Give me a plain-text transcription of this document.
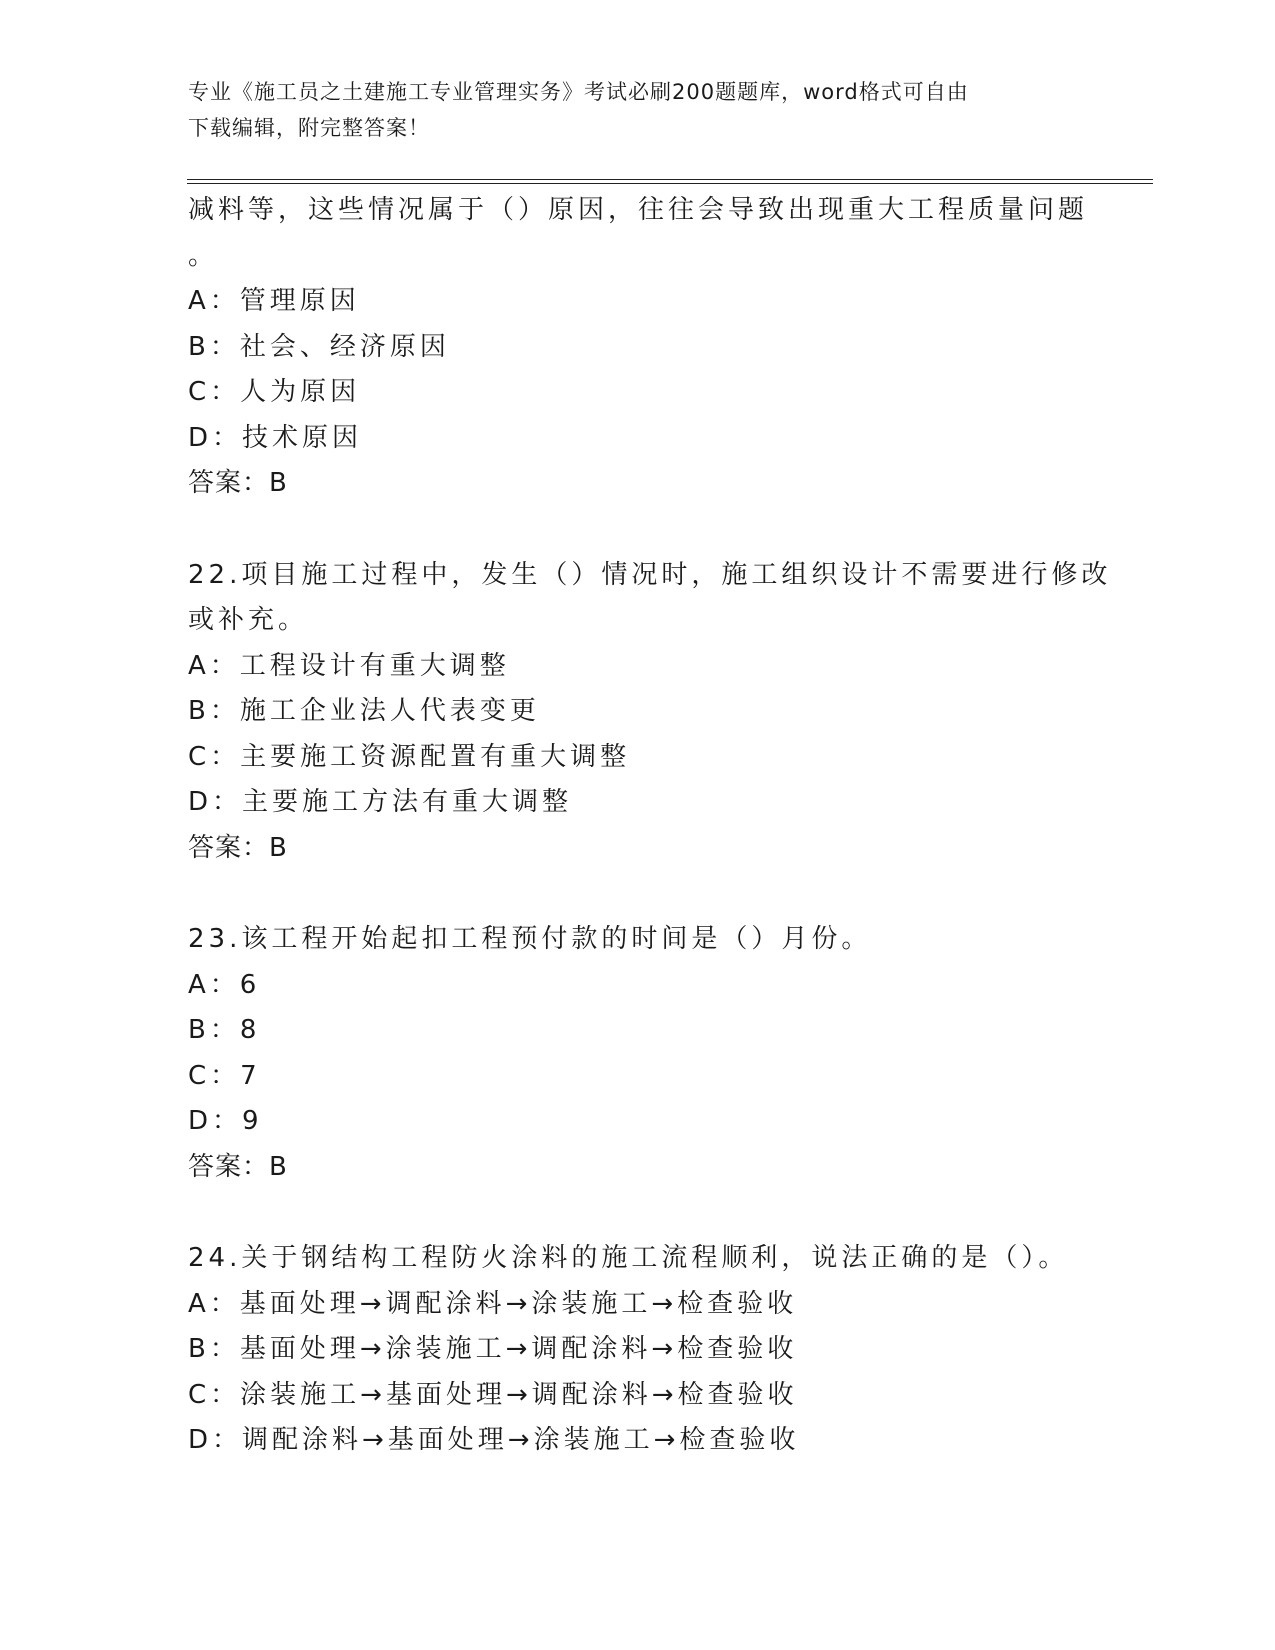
专业《施工员之土建施工专业管理实务》考试必刷200题题库，word格式可自由
下载编辑，附完整答案！
减料等，这些情况属于（）原因，往往会导致出现重大工程质量问题
。
A：管理原因
B：社会、经济原因
C：人为原因
D：技术原因
答案：B
22.项目施工过程中，发生（）情况时，施工组织设计不需要进行修改
或补充。
A：工程设计有重大调整
B：施工企业法人代表变更
C：主要施工资源配置有重大调整
D：主要施工方法有重大调整
答案：B
23.该工程开始起扣工程预付款的时间是（）月份。
A：6
B：8
C：7
D：9
答案：B
24.关于钢结构工程防火涂料的施工流程顺利，说法正确的是（）。
A：基面处理→调配涂料→涂装施工→检查验收
B：基面处理→涂装施工→调配涂料→检查验收
C：涂装施工→基面处理→调配涂料→检查验收
D：调配涂料→基面处理→涂装施工→检查验收
